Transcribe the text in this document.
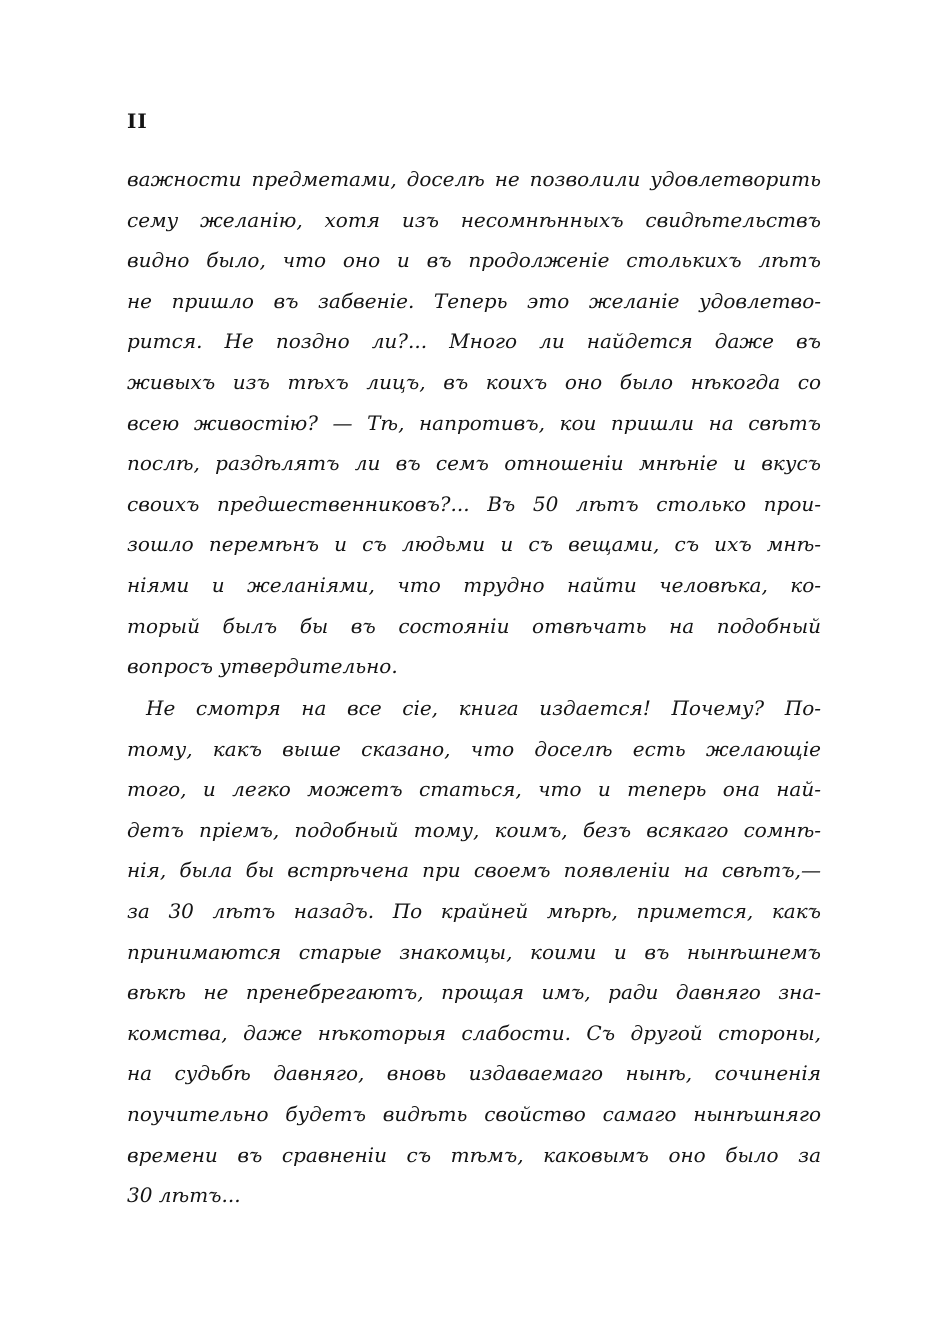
II
важности предметами, доселѣ не позволили удовлетворить
сему желанію, хотя изъ несомнѣнныхъ свидѣтельствъ
видно было, что оно и въ продолженіе столькихъ лѣтъ
не пришло въ забвеніе. Теперь это желаніе удовлетво-
рится. Не поздно ли?... Много ли найдется даже въ
живыхъ изъ тѣхъ лицъ, въ коихъ оно было нѣкогда со
всею живостію? — Тѣ, напротивъ, кои пришли на свѣтъ
послѣ, раздѣлятъ ли въ семъ отношеніи мнѣніе и вкусъ
своихъ предшественниковъ?... Въ 50 лѣтъ столько прои-
зошло перемѣнъ и съ людьми и съ вещами, съ ихъ мнѣ-
ніями и желаніями, что трудно найти человѣка, ко-
торый былъ бы въ состояніи отвѣчать на подобный
вопросъ утвердительно.
Не смотря на все сіе, книга издается! Почему? По-
тому, какъ выше сказано, что доселѣ есть желающіе
того, и легко можетъ статься, что и теперь она най-
детъ пріемъ, подобный тому, коимъ, безъ всякаго сомнѣ-
нія, была бы встрѣчена при своемъ появленіи на свѣтъ,—
за 30 лѣтъ назадъ. По крайней мѣрѣ, примется, какъ
принимаются старые знакомцы, коими и въ нынѣшнемъ
вѣкѣ не пренебрегаютъ, прощая имъ, ради давняго зна-
комства, даже нѣкоторыя слабости. Съ другой стороны,
на судьбѣ давняго, вновь издаваемаго нынѣ, сочиненія
поучительно будетъ видѣть свойство самаго нынѣшняго
времени въ сравненіи съ тѣмъ, каковымъ оно было за
30 лѣтъ...
